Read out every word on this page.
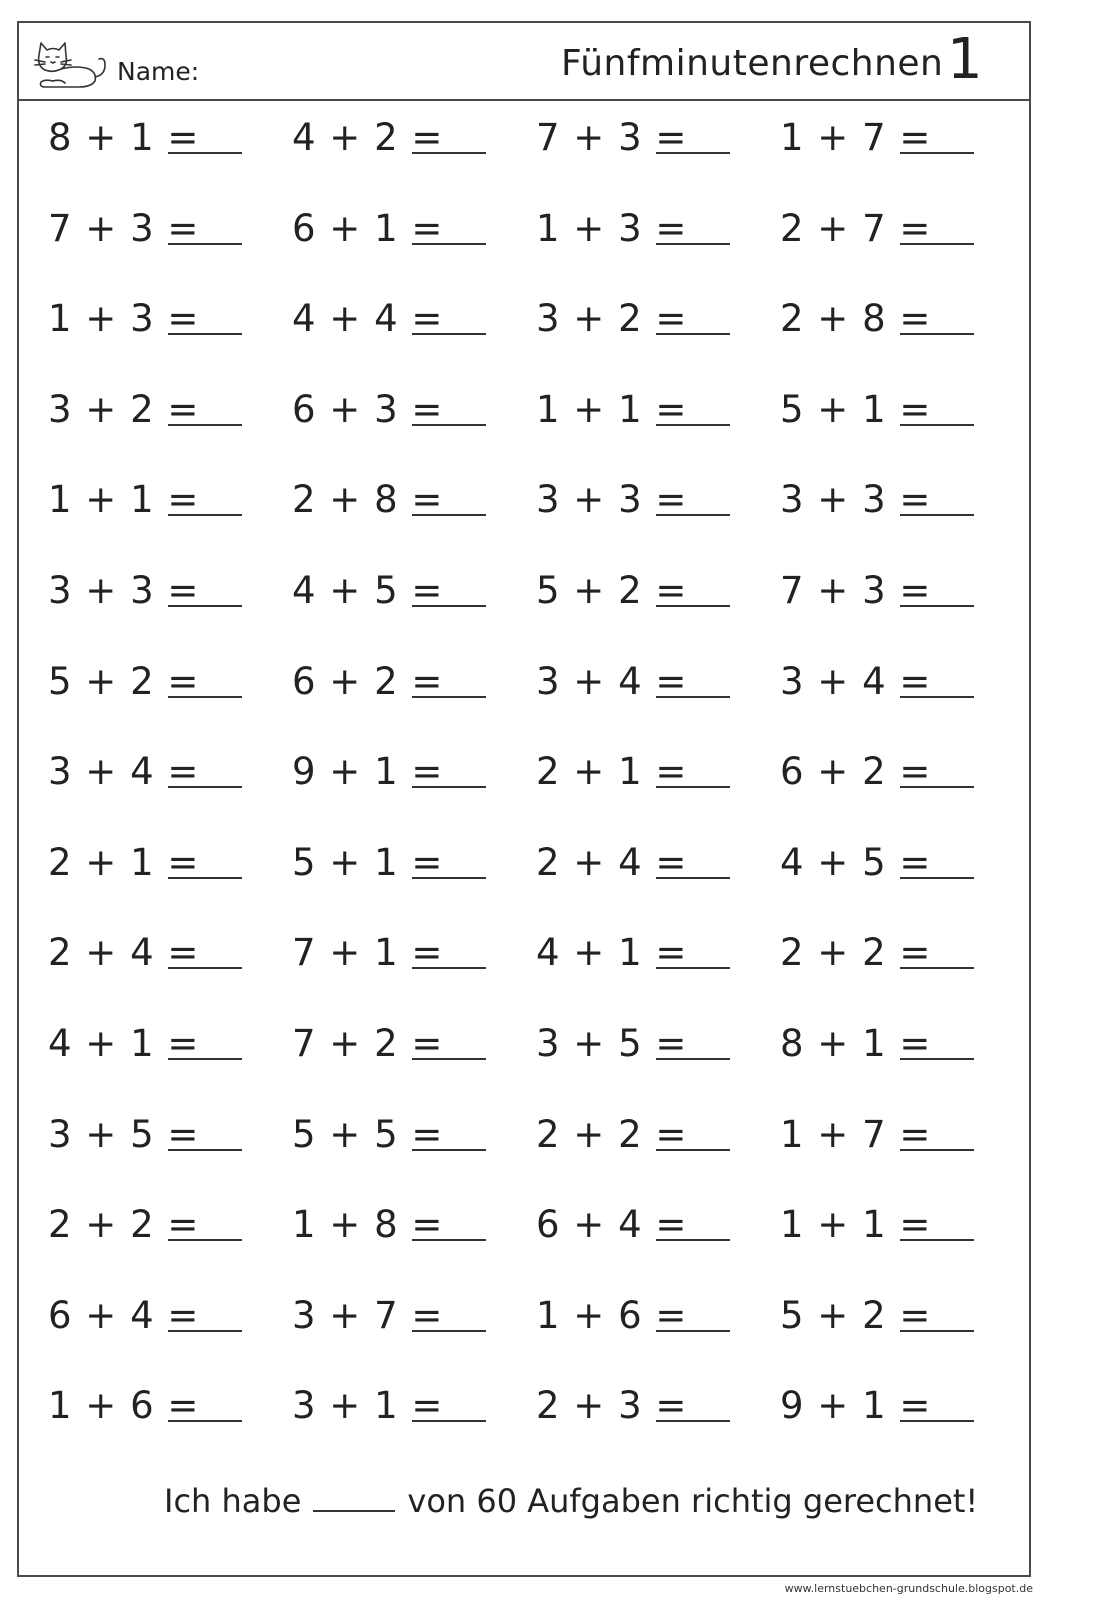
Name:	Fünfminutenrechnen 1
8 + 1 =	4 + 2 =	7 + 3 =	1 + 7 =
7 + 3 =	6 + 1 =	1 + 3 =	2 + 7 =
1 + 3 =	4 + 4 =	3 + 2 =	2 + 8 =
3 + 2 =	6 + 3 =	1 + 1 =	5 + 1 =
1 + 1 =	2 + 8 =	3 + 3 =	3 + 3 =
3 + 3 =	4 + 5 =	5 + 2 =	7 + 3 =
5 + 2 =	6 + 2 =	3 + 4 =	3 + 4 =
3 + 4 =	9 + 1 =	2 + 1 =	6 + 2 =
2 + 1 =	5 + 1 =	2 + 4 =	4 + 5 =
2 + 4 =	7 + 1 =	4 + 1 =	2 + 2 =
4 + 1 =	7 + 2 =	3 + 5 =	8 + 1 =
3 + 5 =	5 + 5 =	2 + 2 =	1 + 7 =
2 + 2 =	1 + 8 =	6 + 4 =	1 + 1 =
6 + 4 =	3 + 7 =	1 + 6 =	5 + 2 =
1 + 6 =	3 + 1 =	2 + 3 =	9 + 1 =
Ich habe	von 60 Aufgaben richtig gerechnet!
www.lernstuebchen-grundschule.blogspot.de
